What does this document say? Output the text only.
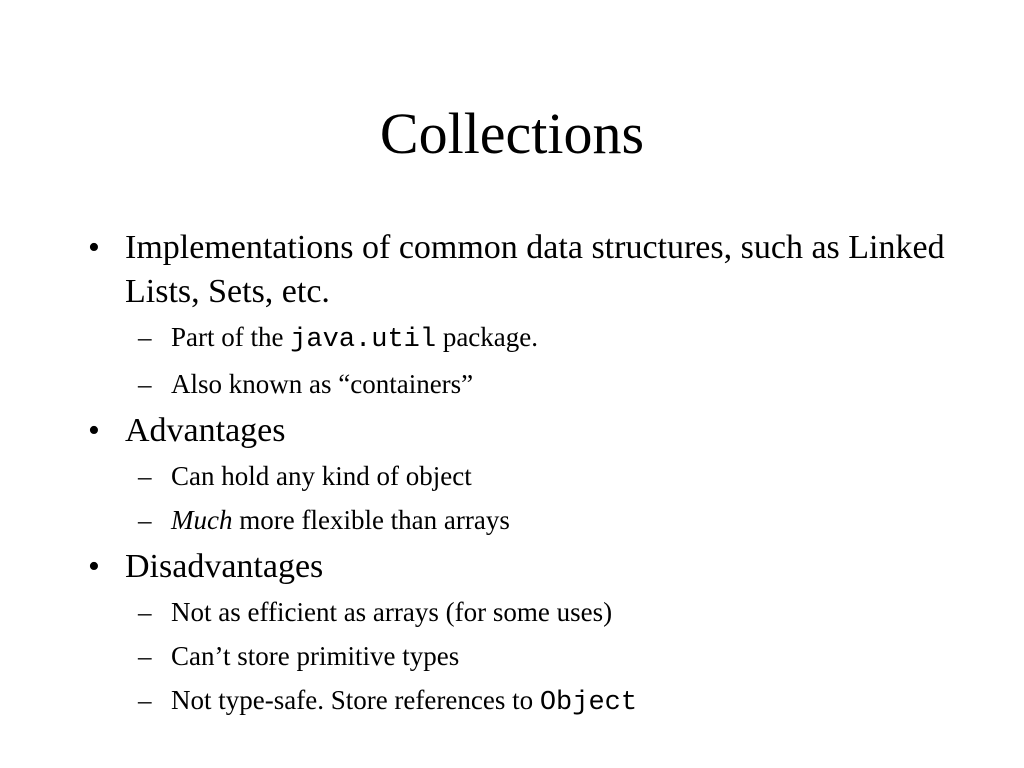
Collections
• Implementations of common data structures, such as Linked Lists, Sets, etc.
– Part of the java.util package.
– Also known as “containers”
• Advantages
– Can hold any kind of object
– Much more flexible than arrays
• Disadvantages
– Not as efficient as arrays (for some uses)
– Can’t store primitive types
– Not type-safe. Store references to Object
